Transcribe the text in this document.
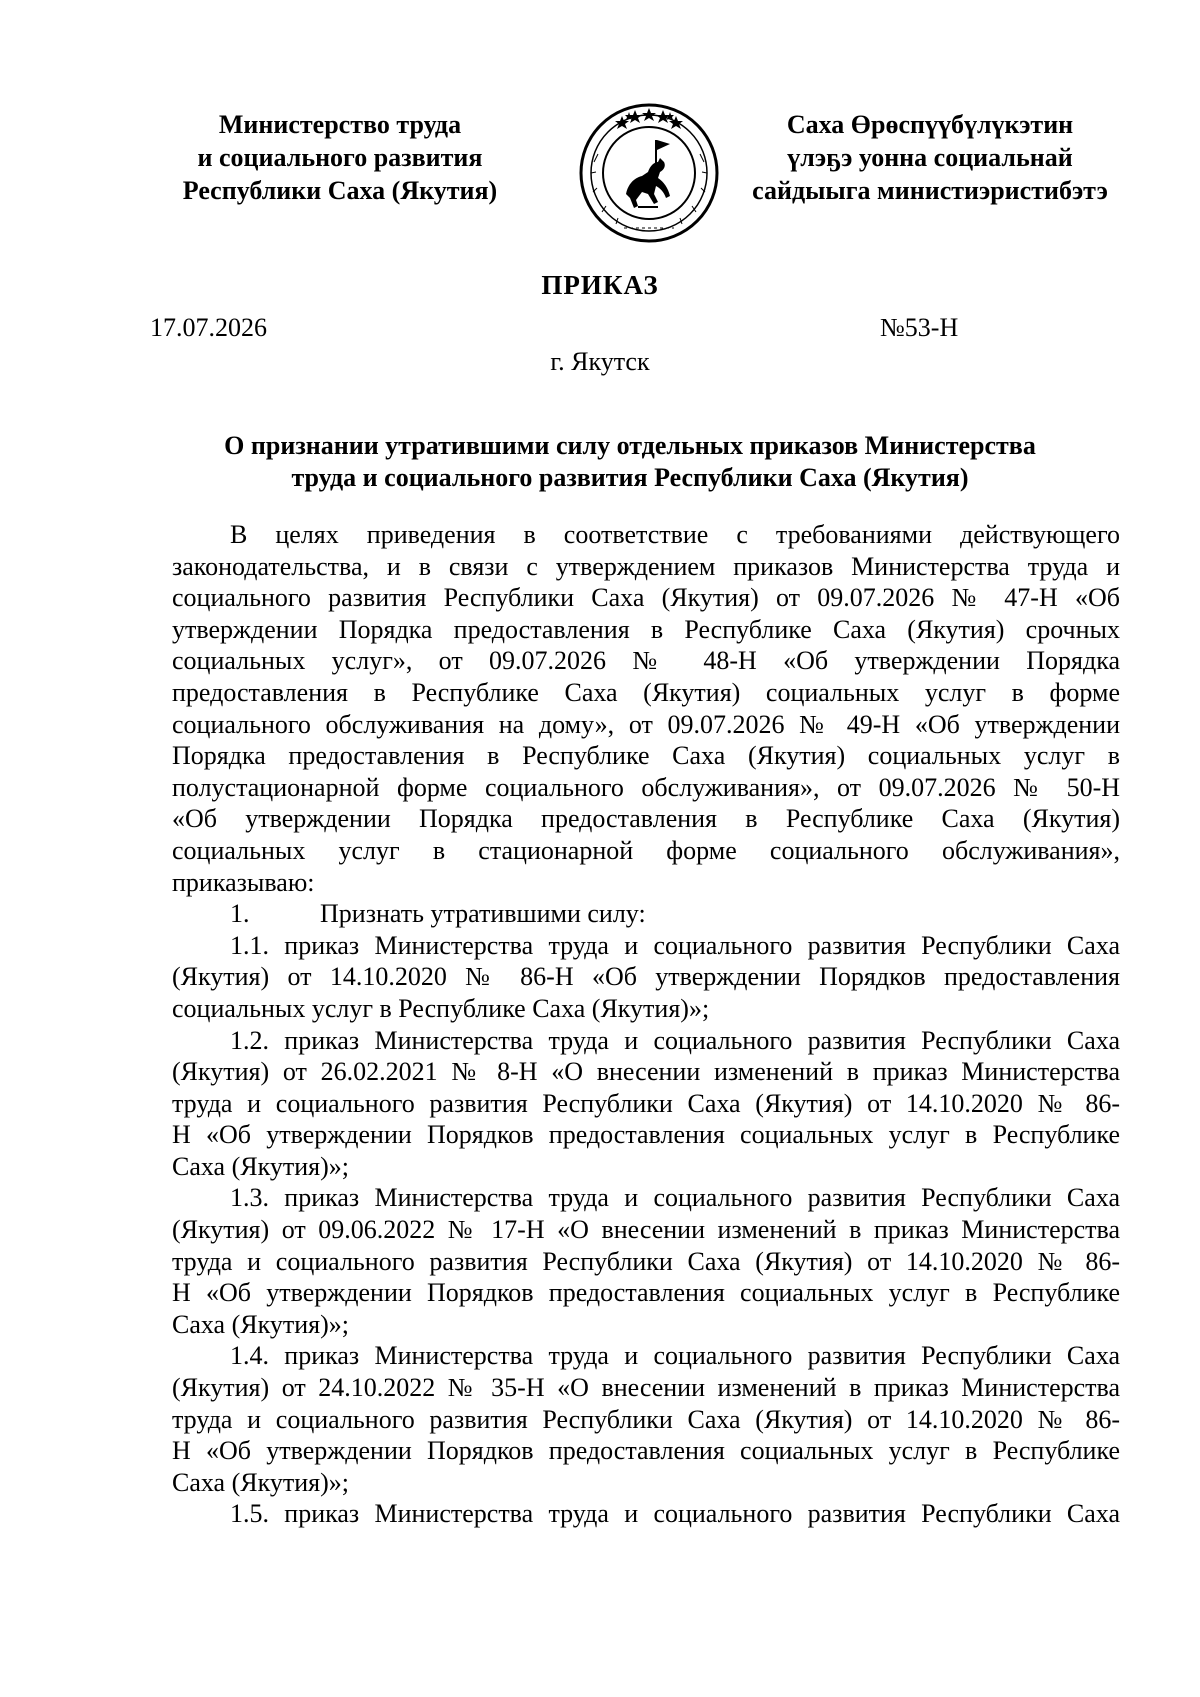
Министерство труда
и социального развития
Республики Саха (Якутия)
Саха Өрөспүүбүлүкэтин
үлэҕэ уонна социальнай
сайдыыга министиэристибэтэ
ПРИКАЗ
17.07.2026	№53-Н
г. Якутск
О признании утратившими силу отдельных приказов Министерства
труда и социального развития Республики Саха (Якутия)
В целях приведения в соответствие с требованиями действующего
законодательства, и в связи с утверждением приказов Министерства труда и
социального развития Республики Саха (Якутия) от 09.07.2026 № 47-Н «Об
утверждении Порядка предоставления в Республике Саха (Якутия) срочных
социальных услуг», от 09.07.2026 № 48-Н «Об утверждении Порядка
предоставления в Республике Саха (Якутия) социальных услуг в форме
социального обслуживания на дому», от 09.07.2026 № 49-Н «Об утверждении
Порядка предоставления в Республике Саха (Якутия) социальных услуг в
полустационарной форме социального обслуживания», от 09.07.2026 № 50-Н
«Об утверждении Порядка предоставления в Республике Саха (Якутия)
социальных услуг в стационарной форме социального обслуживания»,
приказываю:
1.	Признать утратившими силу:
1.1. приказ Министерства труда и социального развития Республики Саха
(Якутия) от 14.10.2020 № 86-Н «Об утверждении Порядков предоставления
социальных услуг в Республике Саха (Якутия)»;
1.2. приказ Министерства труда и социального развития Республики Саха
(Якутия) от 26.02.2021 № 8-Н «О внесении изменений в приказ Министерства
труда и социального развития Республики Саха (Якутия) от 14.10.2020 № 86-
Н «Об утверждении Порядков предоставления социальных услуг в Республике
Саха (Якутия)»;
1.3. приказ Министерства труда и социального развития Республики Саха
(Якутия) от 09.06.2022 № 17-Н «О внесении изменений в приказ Министерства
труда и социального развития Республики Саха (Якутия) от 14.10.2020 № 86-
Н «Об утверждении Порядков предоставления социальных услуг в Республике
Саха (Якутия)»;
1.4. приказ Министерства труда и социального развития Республики Саха
(Якутия) от 24.10.2022 № 35-Н «О внесении изменений в приказ Министерства
труда и социального развития Республики Саха (Якутия) от 14.10.2020 № 86-
Н «Об утверждении Порядков предоставления социальных услуг в Республике
Саха (Якутия)»;
1.5. приказ Министерства труда и социального развития Республики Саха
